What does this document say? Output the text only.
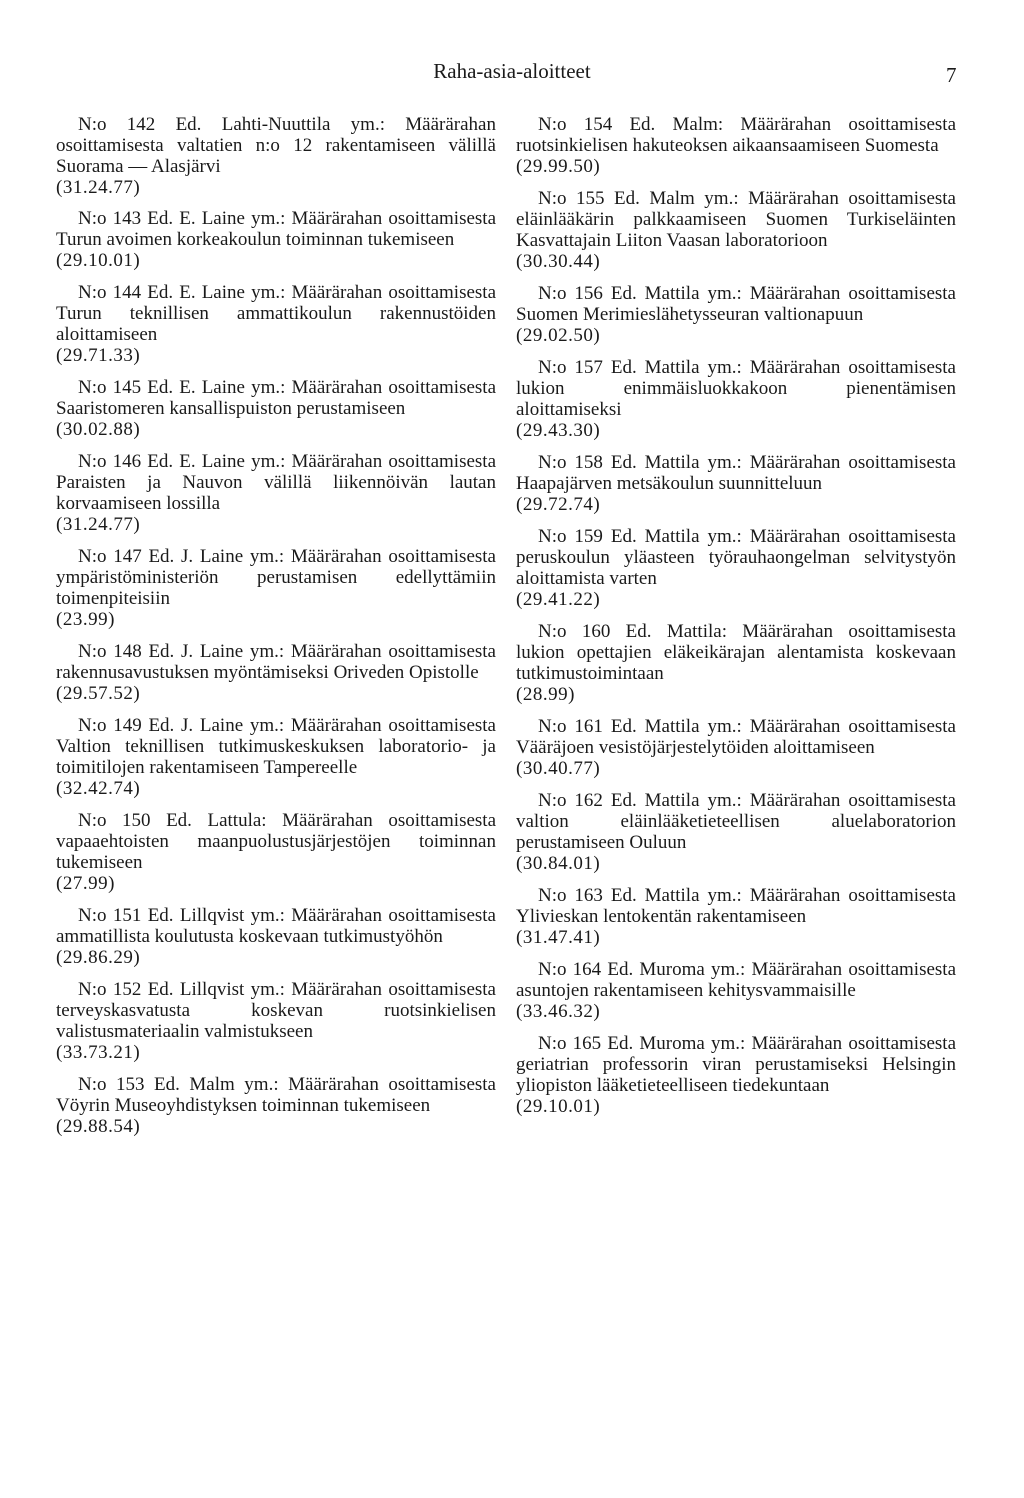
Raha-asia-aloitteet	7
N:o 142 Ed. Lahti-Nuuttila ym.: Määrärahan osoittamisesta valtatien n:o 12 rakentamiseen välillä Suorama — Alasjärvi
(31.24.77)
N:o 143 Ed. E. Laine ym.: Määrärahan osoittamisesta Turun avoimen korkeakoulun toiminnan tukemiseen
(29.10.01)
N:o 144 Ed. E. Laine ym.: Määrärahan osoittamisesta Turun teknillisen ammattikoulun rakennustöiden aloittamiseen
(29.71.33)
N:o 145 Ed. E. Laine ym.: Määrärahan osoittamisesta Saaristomeren kansallispuiston perustamiseen
(30.02.88)
N:o 146 Ed. E. Laine ym.: Määrärahan osoittamisesta Paraisten ja Nauvon välillä liikennöivän lautan korvaamiseen lossilla
(31.24.77)
N:o 147 Ed. J. Laine ym.: Määrärahan osoittamisesta ympäristöministeriön perustamisen edellyttämiin toimenpiteisiin
(23.99)
N:o 148 Ed. J. Laine ym.: Määrärahan osoittamisesta rakennusavustuksen myöntämiseksi Oriveden Opistolle
(29.57.52)
N:o 149 Ed. J. Laine ym.: Määrärahan osoittamisesta Valtion teknillisen tutkimuskeskuksen laboratorio- ja toimitilojen rakentamiseen Tampereelle
(32.42.74)
N:o 150 Ed. Lattula: Määrärahan osoittamisesta vapaaehtoisten maanpuolustusjärjestöjen toiminnan tukemiseen
(27.99)
N:o 151 Ed. Lillqvist ym.: Määrärahan osoittamisesta ammatillista koulutusta koskevaan tutkimustyöhön
(29.86.29)
N:o 152 Ed. Lillqvist ym.: Määrärahan osoittamisesta terveyskasvatusta koskevan ruotsinkielisen valistusmateriaalin valmistukseen
(33.73.21)
N:o 153 Ed. Malm ym.: Määrärahan osoittamisesta Vöyrin Museoyhdistyksen toiminnan tukemiseen
(29.88.54)
N:o 154 Ed. Malm: Määrärahan osoittamisesta ruotsinkielisen hakuteoksen aikaansaamiseen Suomesta
(29.99.50)
N:o 155 Ed. Malm ym.: Määrärahan osoittamisesta eläinlääkärin palkkaamiseen Suomen Turkiseläinten Kasvattajain Liiton Vaasan laboratorioon
(30.30.44)
N:o 156 Ed. Mattila ym.: Määrärahan osoittamisesta Suomen Merimieslähetysseuran valtionapuun
(29.02.50)
N:o 157 Ed. Mattila ym.: Määrärahan osoittamisesta lukion enimmäisluokkakoon pienentämisen aloittamiseksi
(29.43.30)
N:o 158 Ed. Mattila ym.: Määrärahan osoittamisesta Haapajärven metsäkoulun suunnitteluun
(29.72.74)
N:o 159 Ed. Mattila ym.: Määrärahan osoittamisesta peruskoulun yläasteen työrauhaongelman selvitystyön aloittamista varten
(29.41.22)
N:o 160 Ed. Mattila: Määrärahan osoittamisesta lukion opettajien eläkeikärajan alentamista koskevaan tutkimustoimintaan
(28.99)
N:o 161 Ed. Mattila ym.: Määrärahan osoittamisesta Vääräjoen vesistöjärjestelytöiden aloittamiseen
(30.40.77)
N:o 162 Ed. Mattila ym.: Määrärahan osoittamisesta valtion eläinlääketieteellisen aluelaboratorion perustamiseen Ouluun
(30.84.01)
N:o 163 Ed. Mattila ym.: Määrärahan osoittamisesta Ylivieskan lentokentän rakentamiseen
(31.47.41)
N:o 164 Ed. Muroma ym.: Määrärahan osoittamisesta asuntojen rakentamiseen kehitysvammaisille
(33.46.32)
N:o 165 Ed. Muroma ym.: Määrärahan osoittamisesta geriatrian professorin viran perustamiseksi Helsingin yliopiston lääketieteelliseen tiedekuntaan
(29.10.01)
